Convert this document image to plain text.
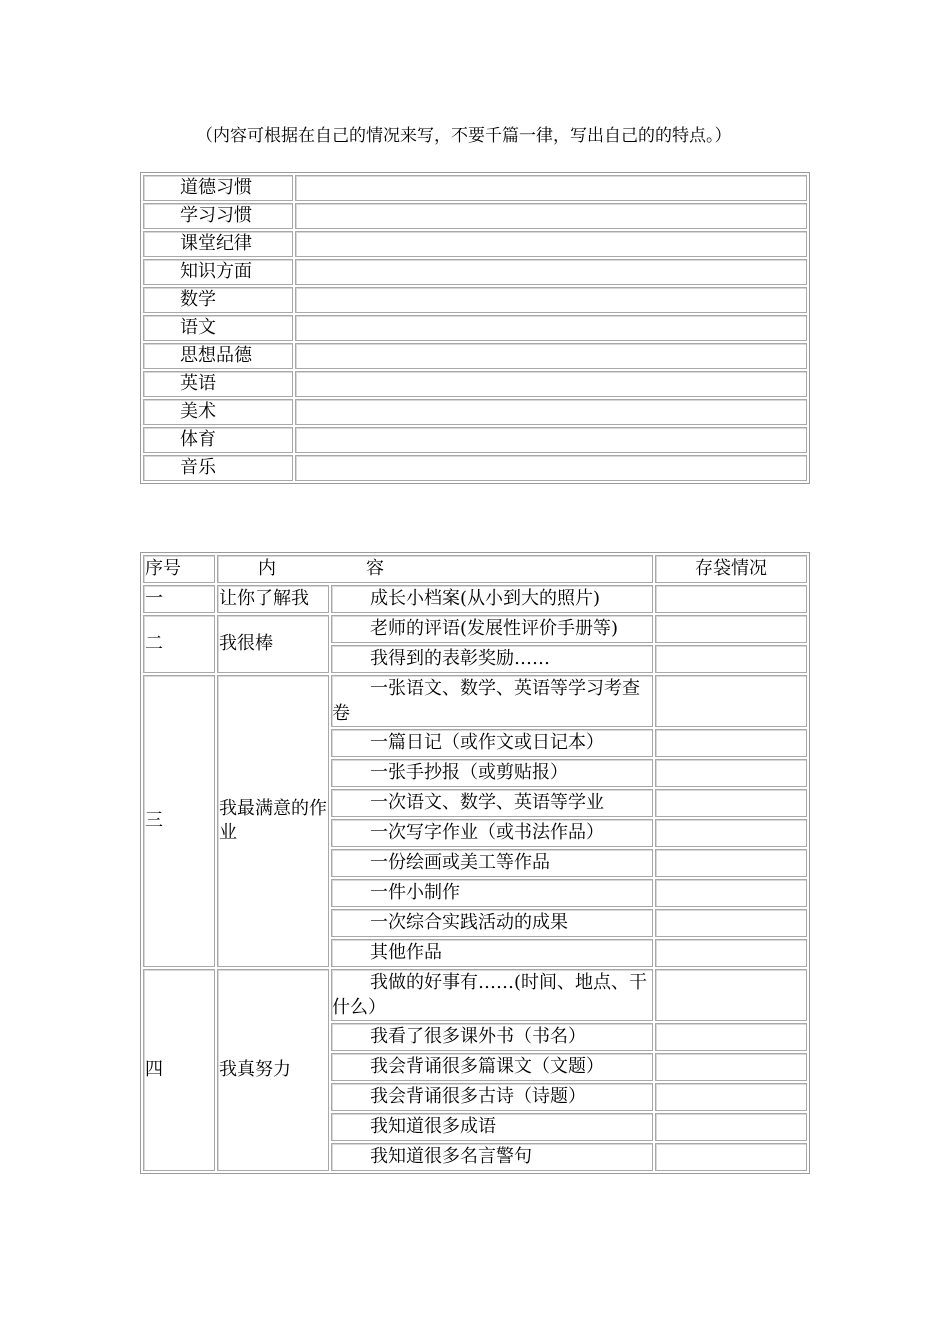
（内容可根据在自己的情况来写，不要千篇一律，写出自己的的特点。）
道德习惯	
学习习惯	
课堂纪律	
知识方面	
数学	
语文	
思想品德	
英语	
美术	
体育	
音乐	
序号	内　　　　　容		存袋情况
一	让你了解我	成长小档案(从小到大的照片)	
二	我很棒	老师的评语(发展性评价手册等)	
		我得到的表彰奖励……	
三	我最满意的作业	一张语文、数学、英语等学习考查卷	
		一篇日记（或作文或日记本）	
		一张手抄报（或剪贴报）	
		一次语文、数学、英语等学业	
		一次写字作业（或书法作品）	
		一份绘画或美工等作品	
		一件小制作	
		一次综合实践活动的成果	
		其他作品	
四	我真努力	我做的好事有……(时间、地点、干什么）	
		我看了很多课外书（书名）	
		我会背诵很多篇课文（文题）	
		我会背诵很多古诗（诗题）	
		我知道很多成语	
		我知道很多名言警句	
